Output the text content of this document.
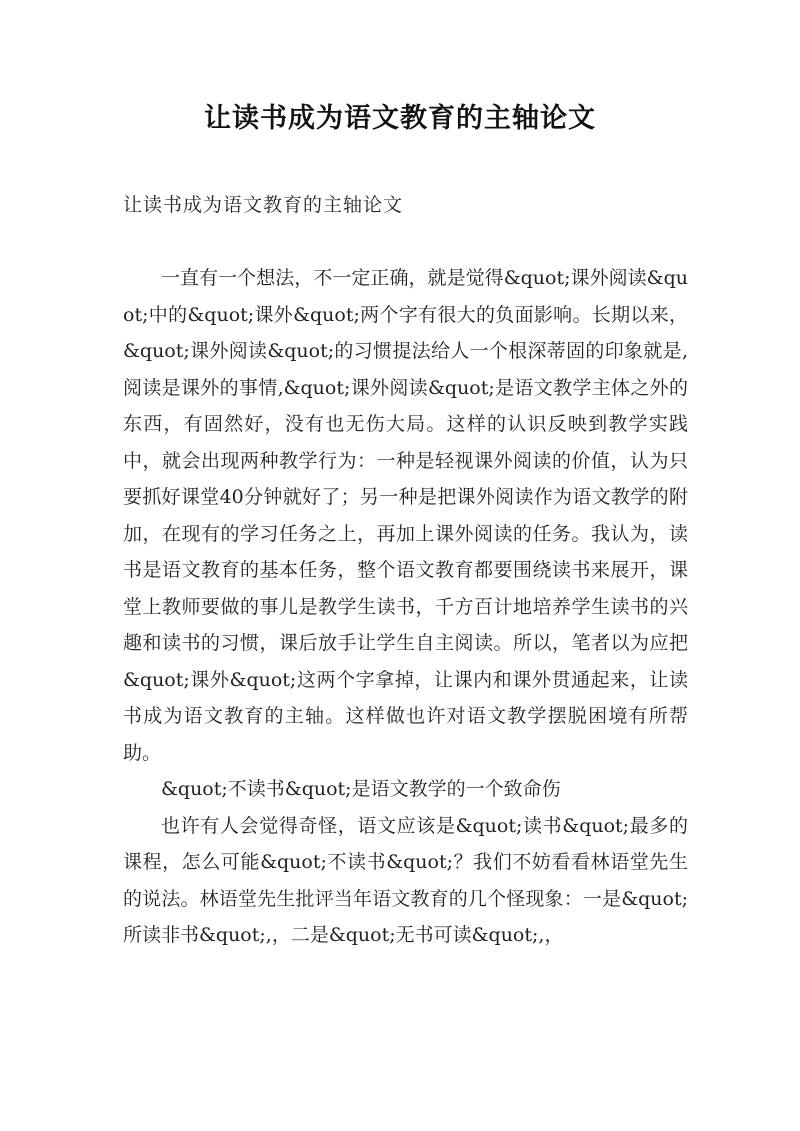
让读书成为语文教育的主轴论文
让读书成为语文教育的主轴论文

一直有一个想法，不一定正确，就是觉得&quot;课外阅读&quot;中的&quot;课外&quot;两个字有很大的负面影响。长期以来，&quot;课外阅读&quot;的习惯提法给人一个根深蒂固的印象就是,阅读是课外的事情,&quot;课外阅读&quot;是语文教学主体之外的东西，有固然好，没有也无伤大局。这样的认识反映到教学实践中，就会出现两种教学行为：一种是轻视课外阅读的价值，认为只要抓好课堂40分钟就好了；另一种是把课外阅读作为语文教学的附加，在现有的学习任务之上，再加上课外阅读的任务。我认为，读书是语文教育的基本任务，整个语文教育都要围绕读书来展开，课堂上教师要做的事儿是教学生读书，千方百计地培养学生读书的兴趣和读书的习惯，课后放手让学生自主阅读。所以，笔者以为应把&quot;课外&quot;这两个字拿掉，让课内和课外贯通起来，让读书成为语文教育的主轴。这样做也许对语文教学摆脱困境有所帮助。

&quot;不读书&quot;是语文教学的一个致命伤

也许有人会觉得奇怪，语文应该是&quot;读书&quot;最多的课程，怎么可能&quot;不读书&quot;？我们不妨看看林语堂先生的说法。林语堂先生批评当年语文教育的几个怪现象：一是&quot;所读非书&quot;,，二是&quot;无书可读&quot;,，
